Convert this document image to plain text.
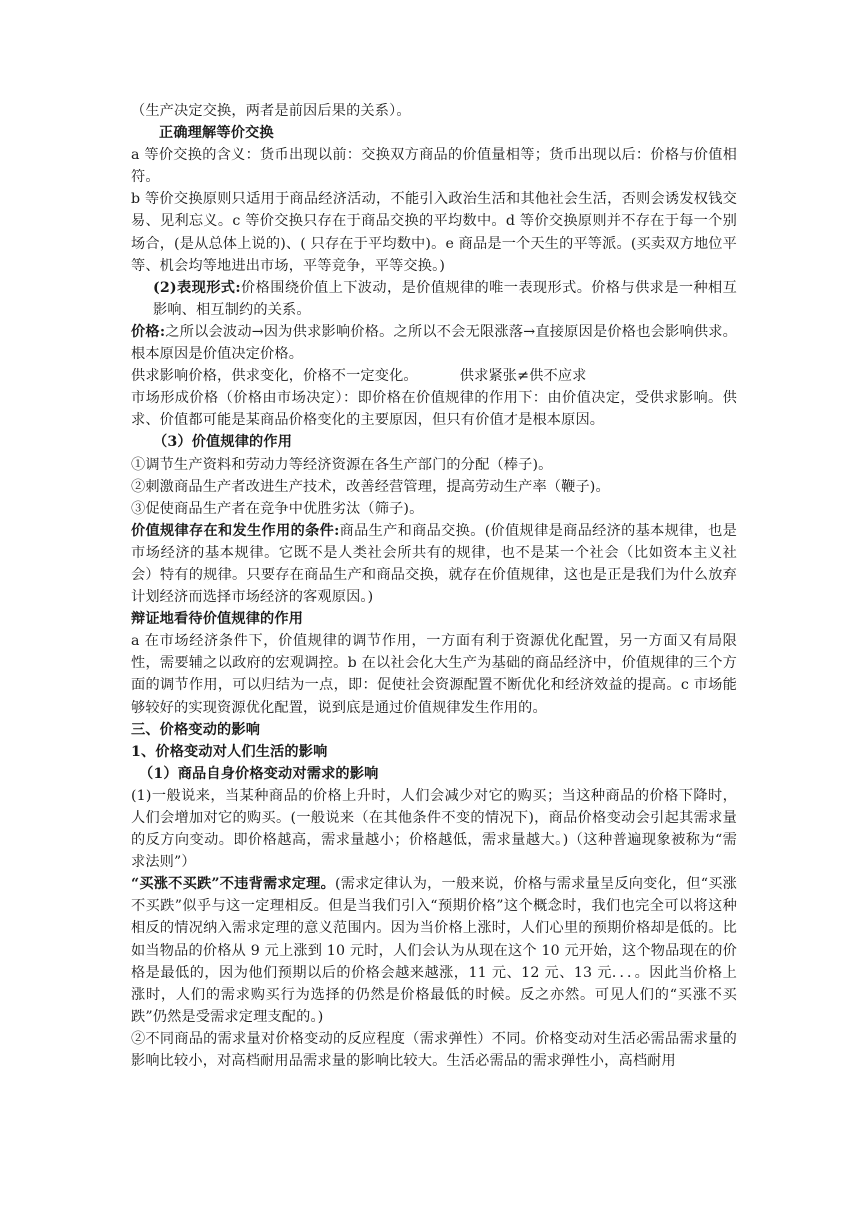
（生产决定交换，两者是前因后果的关系）。

正确理解等价交换

a 等价交换的含义：货币出现以前：交换双方商品的价值量相等；货币出现以后：价格与价值相符。

b 等价交换原则只适用于商品经济活动，不能引入政治生活和其他社会生活，否则会诱发权钱交易、见利忘义。c 等价交换只存在于商品交换的平均数中。d 等价交换原则并不存在于每一个别场合，(是从总体上说的)、( 只存在于平均数中)。e 商品是一个天生的平等派。(买卖双方地位平等、机会均等地进出市场，平等竞争，平等交换。)

(2)表现形式:价格围绕价值上下波动，是价值规律的唯一表现形式。价格与供求是一种相互影响、相互制约的关系。

价格:之所以会波动→因为供求影响价格。之所以不会无限涨落→直接原因是价格也会影响供求。根本原因是价值决定价格。

供求影响价格，供求变化，价格不一定变化。	供求紧张≠供不应求

市场形成价格（价格由市场决定）：即价格在价值规律的作用下：由价值决定，受供求影响。供求、价值都可能是某商品价格变化的主要原因，但只有价值才是根本原因。

（3）价值规律的作用

①调节生产资料和劳动力等经济资源在各生产部门的分配（棒子)。

②刺激商品生产者改进生产技术，改善经营管理，提高劳动生产率（鞭子)。

③促使商品生产者在竞争中优胜劣汰（筛子)。

价值规律存在和发生作用的条件:商品生产和商品交换。(价值规律是商品经济的基本规律，也是市场经济的基本规律。它既不是人类社会所共有的规律，也不是某一个社会（比如资本主义社会）特有的规律。只要存在商品生产和商品交换，就存在价值规律，这也是正是我们为什么放弃计划经济而选择市场经济的客观原因。)

辩证地看待价值规律的作用

a 在市场经济条件下，价值规律的调节作用，一方面有利于资源优化配置，另一方面又有局限性，需要辅之以政府的宏观调控。b 在以社会化大生产为基础的商品经济中，价值规律的三个方面的调节作用，可以归结为一点，即：促使社会资源配置不断优化和经济效益的提高。c 市场能够较好的实现资源优化配置，说到底是通过价值规律发生作用的。

三、价格变动的影响

1、价格变动对人们生活的影响

（1）商品自身价格变动对需求的影响

(1)一般说来，当某种商品的价格上升时，人们会减少对它的购买；当这种商品的价格下降时，人们会增加对它的购买。(一般说来（在其他条件不变的情况下)，商品价格变动会引起其需求量的反方向变动。即价格越高，需求量越小；价格越低，需求量越大。)（这种普遍现象被称为“需求法则”）

“买涨不买跌”不违背需求定理。(需求定律认为，一般来说，价格与需求量呈反向变化，但“买涨不买跌”似乎与这一定理相反。但是当我们引入“预期价格”这个概念时，我们也完全可以将这种相反的情况纳入需求定理的意义范围内。因为当价格上涨时，人们心里的预期价格却是低的。比如当物品的价格从 9 元上涨到 10 元时，人们会认为从现在这个 10 元开始，这个物品现在的价格是最低的，因为他们预期以后的价格会越来越涨，11 元、12 元、13 元．．．。因此当价格上涨时，人们的需求购买行为选择的仍然是价格最低的时候。反之亦然。可见人们的“买涨不买跌”仍然是受需求定理支配的。)

②不同商品的需求量对价格变动的反应程度（需求弹性）不同。价格变动对生活必需品需求量的影响比较小，对高档耐用品需求量的影响比较大。生活必需品的需求弹性小，高档耐用
